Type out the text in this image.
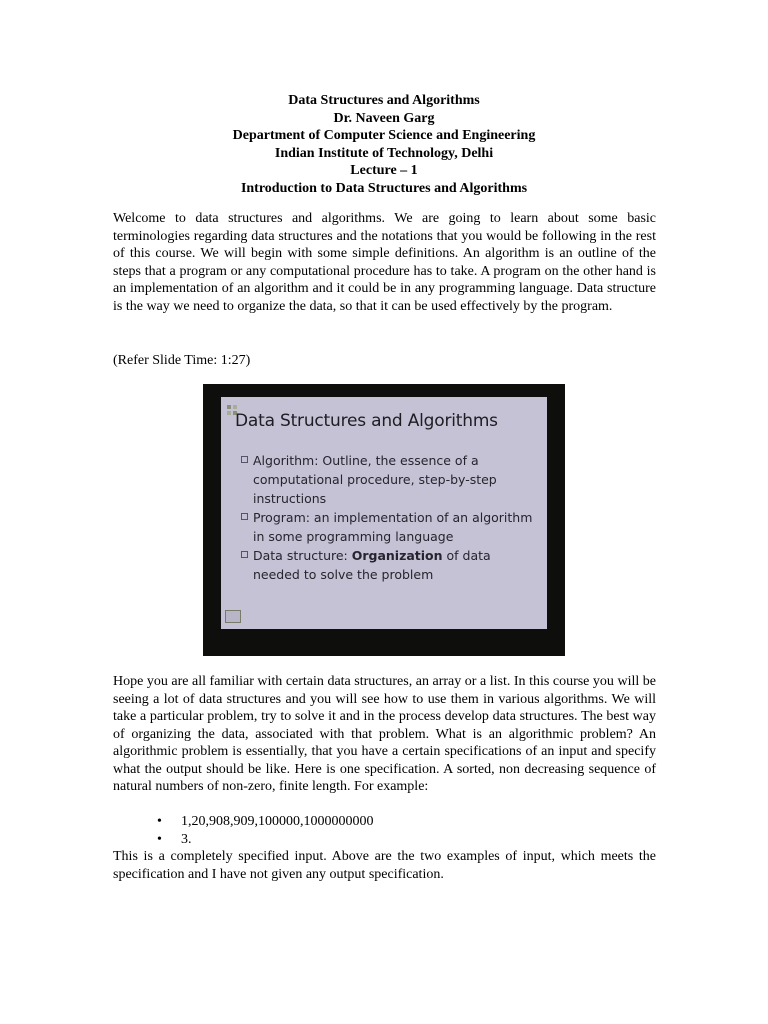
Data Structures and Algorithms
Dr. Naveen Garg
Department of Computer Science and Engineering
Indian Institute of Technology, Delhi
Lecture – 1
Introduction to Data Structures and Algorithms

Welcome to data structures and algorithms. We are going to learn about some basic terminologies regarding data structures and the notations that you would be following in the rest of this course. We will begin with some simple definitions. An algorithm is an outline of the steps that a program or any computational procedure has to take. A program on the other hand is an implementation of an algorithm and it could be in any programming language. Data structure is the way we need to organize the data, so that it can be used effectively by the program.

(Refer Slide Time: 1:27)

Data Structures and Algorithms

Algorithm: Outline, the essence of a computational procedure, step-by-step instructions

Program: an implementation of an algorithm in some programming language

Data structure: Organization of data needed to solve the problem

Hope you are all familiar with certain data structures, an array or a list. In this course you will be seeing a lot of data structures and you will see how to use them in various algorithms. We will take a particular problem, try to solve it and in the process develop data structures. The best way of organizing the data, associated with that problem. What is an algorithmic problem? An algorithmic problem is essentially, that you have a certain specifications of an input and specify what the output should be like. Here is one specification. A sorted, non decreasing sequence of natural numbers of non-zero, finite length. For example:

• 1,20,908,909,100000,1000000000
• 3.

This is a completely specified input. Above are the two examples of input, which meets the specification and I have not given any output specification.
